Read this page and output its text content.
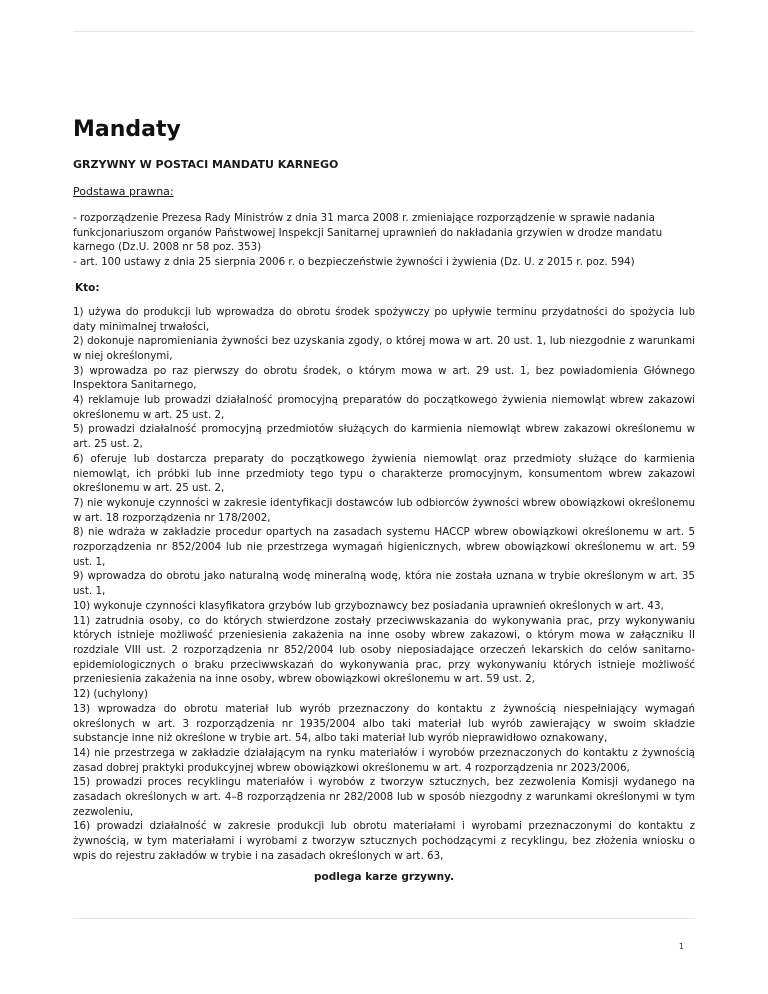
Mandaty
GRZYWNY W POSTACI MANDATU KARNEGO
Podstawa prawna:
- rozporządzenie Prezesa Rady Ministrów z dnia 31 marca 2008 r. zmieniające rozporządzenie w sprawie nadania funkcjonariuszom organów Państwowej Inspekcji Sanitarnej uprawnień do nakładania grzywien w drodze mandatu karnego (Dz.U. 2008 nr 58 poz. 353)
- art. 100 ustawy z dnia 25 sierpnia 2006 r. o bezpieczeństwie żywności i żywienia (Dz. U. z 2015 r. poz. 594)
Kto:
1) używa do produkcji lub wprowadza do obrotu środek spożywczy po upływie terminu przydatności do spożycia lub daty minimalnej trwałości,
2) dokonuje napromieniania żywności bez uzyskania zgody, o której mowa w art. 20 ust. 1, lub niezgodnie z warunkami w niej określonymi,
3) wprowadza po raz pierwszy do obrotu środek, o którym mowa w art. 29 ust. 1, bez powiadomienia Głównego Inspektora Sanitarnego,
4) reklamuje lub prowadzi działalność promocyjną preparatów do początkowego żywienia niemowląt wbrew zakazowi określonemu w art. 25 ust. 2,
5) prowadzi działalność promocyjną przedmiotów służących do karmienia niemowląt wbrew zakazowi określonemu w art. 25 ust. 2,
6) oferuje lub dostarcza preparaty do początkowego żywienia niemowląt oraz przedmioty służące do karmienia niemowląt, ich próbki lub inne przedmioty tego typu o charakterze promocyjnym, konsumentom wbrew zakazowi określonemu w art. 25 ust. 2,
7) nie wykonuje czynności w zakresie identyfikacji dostawców lub odbiorców żywności wbrew obowiązkowi określonemu w art. 18 rozporządzenia nr 178/2002,
8) nie wdraża w zakładzie procedur opartych na zasadach systemu HACCP wbrew obowiązkowi określonemu w art. 5 rozporządzenia nr 852/2004 lub nie przestrzega wymagań higienicznych, wbrew obowiązkowi określonemu w art. 59 ust. 1,
9) wprowadza do obrotu jako naturalną wodę mineralną wodę, która nie została uznana w trybie określonym w art. 35 ust. 1,
10) wykonuje czynności klasyfikatora grzybów lub grzyboznawcy bez posiadania uprawnień określonych w art. 43,
11) zatrudnia osoby, co do których stwierdzone zostały przeciwwskazania do wykonywania prac, przy wykonywaniu których istnieje możliwość przeniesienia zakażenia na inne osoby wbrew zakazowi, o którym mowa w załączniku II rozdziale VIII ust. 2 rozporządzenia nr 852/2004 lub osoby nieposiadające orzeczeń lekarskich do celów sanitarno-epidemiologicznych o braku przeciwwskazań do wykonywania prac, przy wykonywaniu których istnieje możliwość przeniesienia zakażenia na inne osoby, wbrew obowiązkowi określonemu w art. 59 ust. 2,
12) (uchylony)
13) wprowadza do obrotu materiał lub wyrób przeznaczony do kontaktu z żywnością niespełniający wymagań określonych w art. 3 rozporządzenia nr 1935/2004 albo taki materiał lub wyrób zawierający w swoim składzie substancje inne niż określone w trybie art. 54, albo taki materiał lub wyrób nieprawidłowo oznakowany,
14) nie przestrzega w zakładzie działającym na rynku materiałów i wyrobów przeznaczonych do kontaktu z żywnością zasad dobrej praktyki produkcyjnej wbrew obowiązkowi określonemu w art. 4 rozporządzenia nr 2023/2006,
15) prowadzi proces recyklingu materiałów i wyrobów z tworzyw sztucznych, bez zezwolenia Komisji wydanego na zasadach określonych w art. 4–8 rozporządzenia nr 282/2008 lub w sposób niezgodny z warunkami określonymi w tym zezwoleniu,
16) prowadzi działalność w zakresie produkcji lub obrotu materiałami i wyrobami przeznaczonymi do kontaktu z żywnością, w tym materiałami i wyrobami z tworzyw sztucznych pochodzącymi z recyklingu, bez złożenia wniosku o wpis do rejestru zakładów w trybie i na zasadach określonych w art. 63,
podlega karze grzywny.
1
